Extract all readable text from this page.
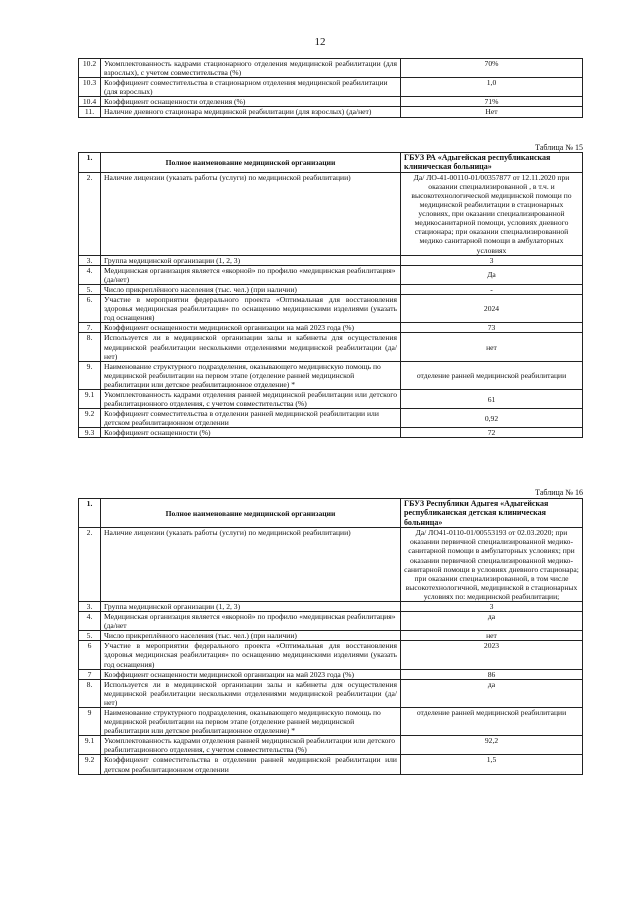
12
10.2	Укомплектованность кадрами стационарного отделения медицинской реабилитации (для взрослых), с учетом совместительства (%)	70%
10.3	Коэффициент совместительства в стационарном отделения медицинской реабилитации (для взрослых)	1,0
10.4	Коэффициент оснащенности отделения (%)	71%
11.	Наличие дневного стационара медицинской реабилитации (для взрослых) (да/нет)	Нет
Таблица № 15
1.	Полное наименование медицинской организации	ГБУЗ РА «Адыгейская республиканская клиническая больница»
2.	Наличие лицензии (указать работы (услуги) по медицинской реабилитации)	Да/ ЛО-41-00110-01/00357877 от 12.11.2020 при оказании специализированной , в т.ч. и высокотехнологической медицинской помощи по медицинской реабилитации в стационарных условиях, при оказании специализированной медикосанитарной помощи, условиях дневного стационара; при оказании специализированной медико санитарной помощи в амбулаторных условиях
3.	Группа медицинской организации (1, 2, 3)	3
4.	Медицинская организация является «якорной» по профилю «медицинская реабилитация» (да/нет)	Да
5.	Число прикреплённого населения (тыс. чел.) (при наличии)	-
6.	Участие в мероприятии федерального проекта «Оптимальная для восстановления здоровья медицинская реабилитация» по оснащению медицинскими изделиями (указать год оснащения)	2024
7.	Коэффициент оснащенности медицинской организации на май 2023 года (%)	73
8.	Используется ли в медицинской организации залы и кабинеты для осуществления медицинской реабилитации несколькими отделениями медицинской реабилитации (да/нет)	нет
9.	Наименование структурного подразделения, оказывающего медицинскую помощь по медицинской реабилитации на первом этапе (отделение ранней медицинской реабилитации или детское реабилитационное отделение) *	отделение ранней медицинской реабилитации
9.1	Укомплектованность кадрами отделения ранней медицинской реабилитации или детского реабилитационного отделения, с учетом совместительства (%)	61
9.2	Коэффициент совместительства в отделении ранней медицинской реабилитации или детском реабилитационном отделении	0,92
9.3	Коэффициент оснащенности (%)	72
Таблица № 16
1.	Полное наименование медицинской организации	ГБУЗ Республики Адыгея «Адыгейская республиканская детская клиническая больница»
2.	Наличие лицензии (указать работы (услуги) по медицинской реабилитации)	Да/ ЛО41-0110-01/00553193 от 02.03.2020; при оказании первичной специализированной медико-санитарной помощи в амбулаторных условиях; при оказании первичной специализированной медико-санитарной помощи в условиях дневного стационара; при оказании специализированной, в том числе высокотехнологичной, медицинской в стационарных условиях по: медицинской реабилитации;
3.	Группа медицинской организации (1, 2, 3)	3
4.	Медицинская организация является «якорной» по профилю «медицинская реабилитация» (да/нет	да
5.	Число прикреплённого населения (тыс. чел.) (при наличии)	нет
6	Участие в мероприятии федерального проекта «Оптимальная для восстановления здоровья медицинская реабилитация» по оснащению медицинскими изделиями (указать год оснащения)	2023
7	Коэффициент оснащенности медицинской организации на май 2023 года (%)	86
8.	Используется ли в медицинской организации залы и кабинеты для осуществления медицинской реабилитации несколькими отделениями медицинской реабилитации (да/нет)	да
9	Наименование структурного подразделения, оказывающего медицинскую помощь по медицинской реабилитации на первом этапе (отделение ранней медицинской реабилитации или детское реабилитационное отделение) *	отделение ранней медицинской реабилитации
9.1	Укомплектованность кадрами отделения ранней медицинской реабилитации или детского реабилитационного отделения, с учетом совместительства (%)	92,2
9.2	Коэффициент совместительства в отделении ранней медицинской реабилитации или детском реабилитационном отделении	1,5
